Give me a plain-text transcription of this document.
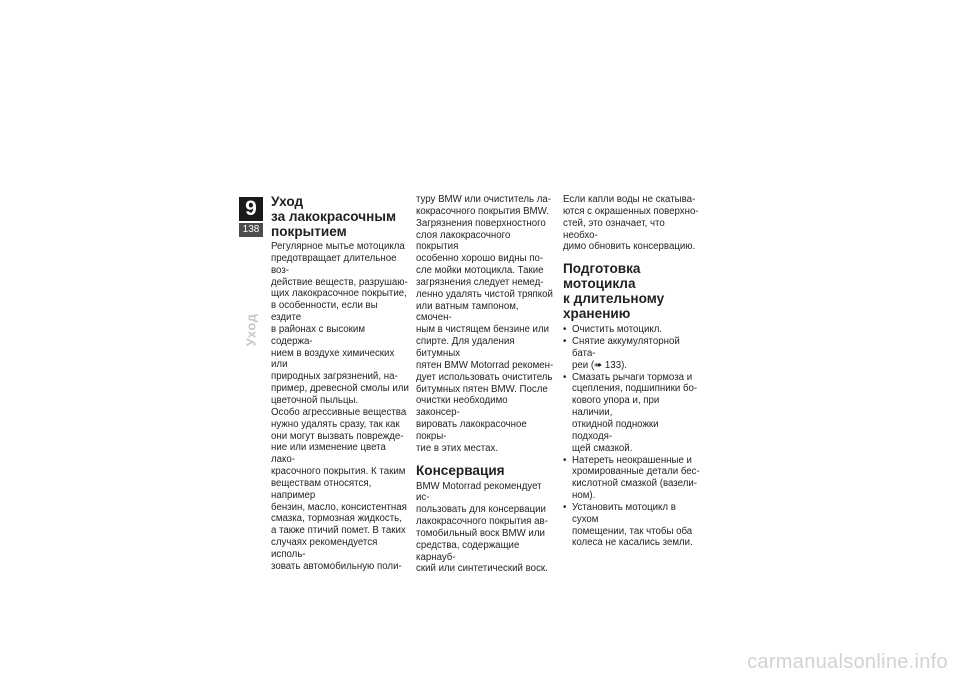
9
138
Уход
Уход
за лакокрасочным
покрытием

Регулярное мытье мотоцикла
предотвращает длительное воз-
действие веществ, разрушаю-
щих лакокрасочное покрытие,
в особенности, если вы ездите
в районах с высоким содержа-
нием в воздухе химических или
природных загрязнений, на-
пример, древесной смолы или
цветочной пыльцы.

Особо агрессивные вещества
нужно удалять сразу, так как
они могут вызвать поврежде-
ние или изменение цвета лако-
красочного покрытия. К таким
веществам относятся, например
бензин, масло, консистентная
смазка, тормозная жидкость,
а также птичий помет. В таких
случаях рекомендуется исполь-
зовать автомобильную поли-

туру BMW или очиститель ла-
кокрасочного покрытия BMW.
Загрязнения поверхностного
слоя лакокрасочного покрытия
особенно хорошо видны по-
сле мойки мотоцикла. Такие
загрязнения следует немед-
ленно удалять чистой тряпкой
или ватным тампоном, смочен-
ным в чистящем бензине или
спирте. Для удаления битумных
пятен BMW Motorrad рекомен-
дует использовать очиститель
битумных пятен BMW. После
очистки необходимо законсер-
вировать лакокрасочное покры-
тие в этих местах.

Консервация

BMW Motorrad рекомендует ис-
пользовать для консервации
лакокрасочного покрытия ав-
томобильный воск BMW или
средства, содержащие карнауб-
ский или синтетический воск.

Если капли воды не скатыва-
ются с окрашенных поверхно-
стей, это означает, что необхо-
димо обновить консервацию.

Подготовка мотоцикла
к длительному
хранению
• Очистить мотоцикл.
• Снятие аккумуляторной бата-
реи (➠ 133).
• Смазать рычаги тормоза и
сцепления, подшипники бо-
кового упора и, при наличии,
откидной подножки подходя-
щей смазкой.
• Натереть неокрашенные и
хромированные детали бес-
кислотной смазкой (вазели-
ном).
• Установить мотоцикл в сухом
помещении, так чтобы оба
колеса не касались земли.
carmanualsonline.info
